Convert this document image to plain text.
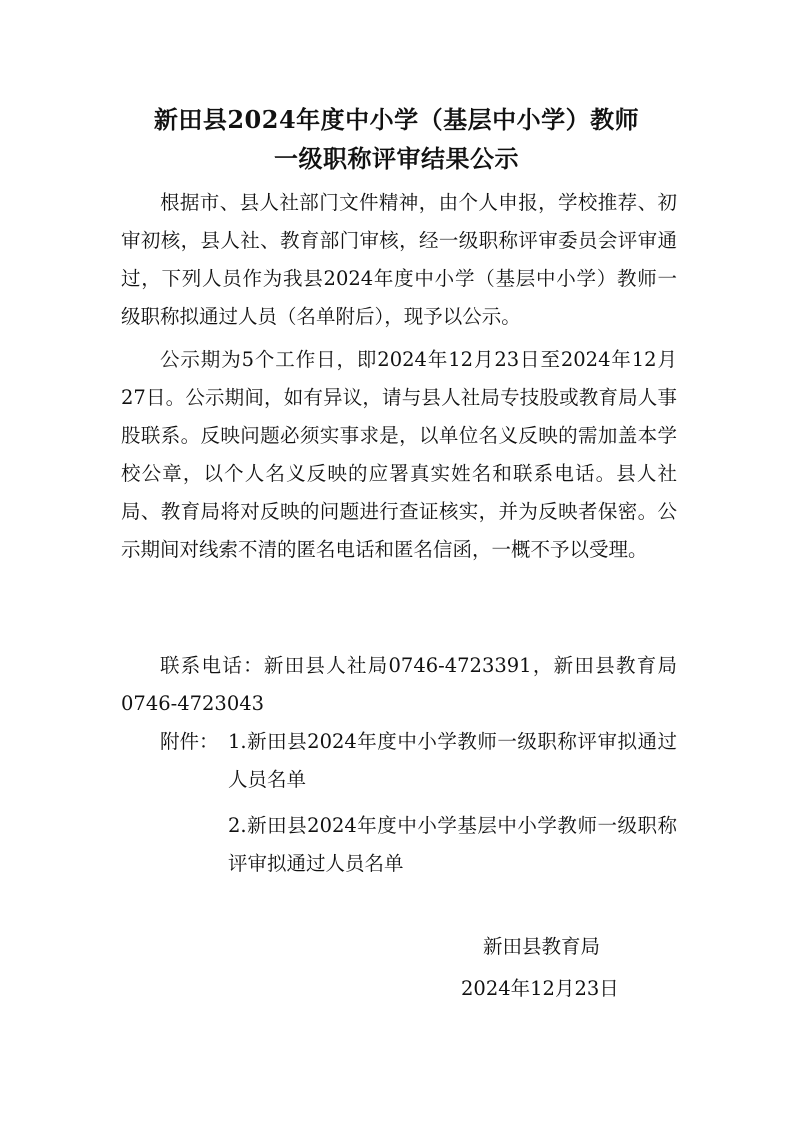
新田县2024年度中小学（基层中小学）教师
一级职称评审结果公示

根据市、县人社部门文件精神，由个人申报，学校推荐、初审初核，县人社、教育部门审核，经一级职称评审委员会评审通过，下列人员作为我县2024年度中小学（基层中小学）教师一级职称拟通过人员（名单附后），现予以公示。

公示期为5个工作日，即2024年12月23日至2024年12月27日。公示期间，如有异议，请与县人社局专技股或教育局人事股联系。反映问题必须实事求是，以单位名义反映的需加盖本学校公章，以个人名义反映的应署真实姓名和联系电话。县人社局、教育局将对反映的问题进行查证核实，并为反映者保密。公示期间对线索不清的匿名电话和匿名信函，一概不予以受理。

联系电话：新田县人社局0746-4723391，新田县教育局0746-4723043

附件： 1.新田县2024年度中小学教师一级职称评审拟通过人员名单
2.新田县2024年度中小学基层中小学教师一级职称评审拟通过人员名单
新田县教育局
2024年12月23日
